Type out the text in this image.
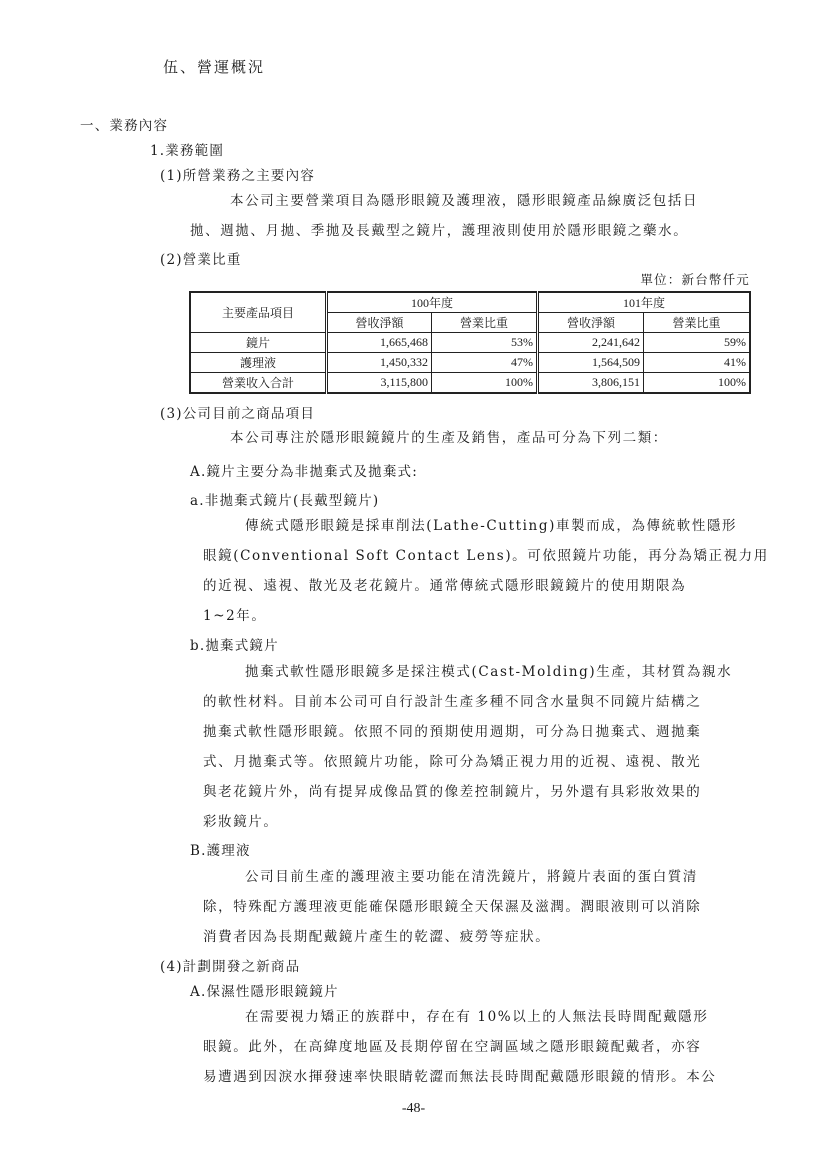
伍、營運概況
一、業務內容
1.業務範圍
(1)所營業務之主要內容
本公司主要營業項目為隱形眼鏡及護理液，隱形眼鏡產品線廣泛包括日
拋、週拋、月拋、季拋及長戴型之鏡片，護理液則使用於隱形眼鏡之藥水。
(2)營業比重
單位：新台幣仟元
主要產品項目	100年度		101年度	
	營收淨額	營業比重	營收淨額	營業比重
鏡片	1,665,468	53%	2,241,642	59%
護理液	1,450,332	47%	1,564,509	41%
營業收入合計	3,115,800	100%	3,806,151	100%
(3)公司目前之商品項目
本公司專注於隱形眼鏡鏡片的生產及銷售，產品可分為下列二類：
A.鏡片主要分為非拋棄式及拋棄式:
a.非拋棄式鏡片(長戴型鏡片)
傳統式隱形眼鏡是採車削法(Lathe-Cutting)車製而成，為傳統軟性隱形
眼鏡(Conventional Soft Contact Lens)。可依照鏡片功能，再分為矯正視力用
的近視、遠視、散光及老花鏡片。通常傳統式隱形眼鏡鏡片的使用期限為
1~2年。
b.拋棄式鏡片
拋棄式軟性隱形眼鏡多是採注模式(Cast-Molding)生產，其材質為親水
的軟性材料。目前本公司可自行設計生產多種不同含水量與不同鏡片結構之
拋棄式軟性隱形眼鏡。依照不同的預期使用週期，可分為日拋棄式、週拋棄
式、月拋棄式等。依照鏡片功能，除可分為矯正視力用的近視、遠視、散光
與老花鏡片外，尚有提昇成像品質的像差控制鏡片，另外還有具彩妝效果的
彩妝鏡片。
B.護理液
公司目前生產的護理液主要功能在清洗鏡片，將鏡片表面的蛋白質清
除，特殊配方護理液更能確保隱形眼鏡全天保濕及滋潤。潤眼液則可以消除
消費者因為長期配戴鏡片產生的乾澀、疲勞等症狀。
(4)計劃開發之新商品
A.保濕性隱形眼鏡鏡片
在需要視力矯正的族群中，存在有 10%以上的人無法長時間配戴隱形
眼鏡。此外，在高緯度地區及長期停留在空調區域之隱形眼鏡配戴者，亦容
易遭遇到因淚水揮發速率快眼睛乾澀而無法長時間配戴隱形眼鏡的情形。本公
-48-
